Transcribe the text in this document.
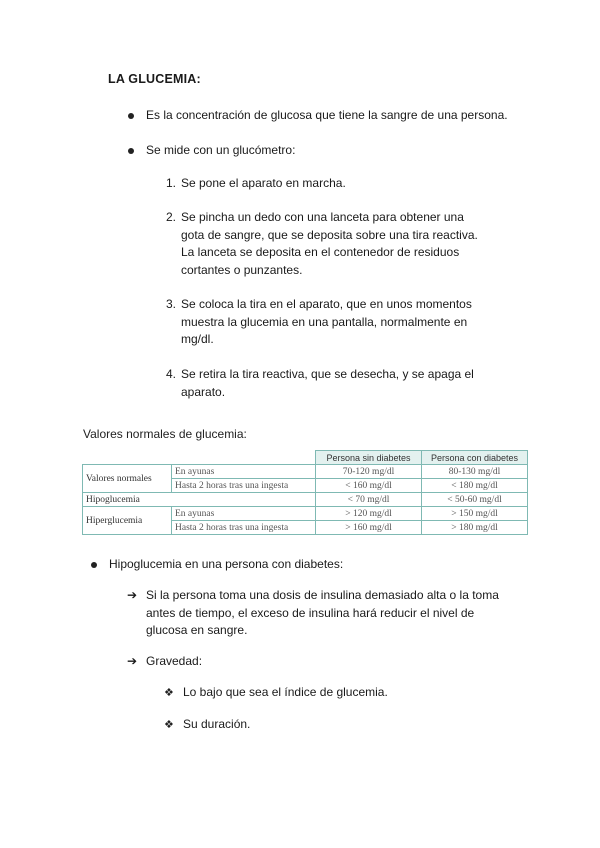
LA GLUCEMIA:
Es la concentración de glucosa que tiene la sangre de una persona.
Se mide con un glucómetro:
1. Se pone el aparato en marcha.
2. Se pincha un dedo con una lanceta para obtener una
gota de sangre, que se deposita sobre una tira reactiva.
La lanceta se deposita en el contenedor de residuos
cortantes o punzantes.
3. Se coloca la tira en el aparato, que en unos momentos
muestra la glucemia en una pantalla, normalmente en
mg/dl.
4. Se retira la tira reactiva, que se desecha, y se apaga el
aparato.
Valores normales de glucemia:
		Persona sin diabetes	Persona con diabetes
Valores normales	En ayunas	70-120 mg/dl	80-130 mg/dl
	Hasta 2 horas tras una ingesta	< 160 mg/dl	< 180 mg/dl
Hipoglucemia		< 70 mg/dl	< 50-60 mg/dl
Hiperglucemia	En ayunas	> 120 mg/dl	> 150 mg/dl
	Hasta 2 horas tras una ingesta	> 160 mg/dl	> 180 mg/dl
Hipoglucemia en una persona con diabetes:
➔ Si la persona toma una dosis de insulina demasiado alta o la toma
antes de tiempo, el exceso de insulina hará reducir el nivel de
glucosa en sangre.
➔ Gravedad:
❖ Lo bajo que sea el índice de glucemia.
❖ Su duración.
